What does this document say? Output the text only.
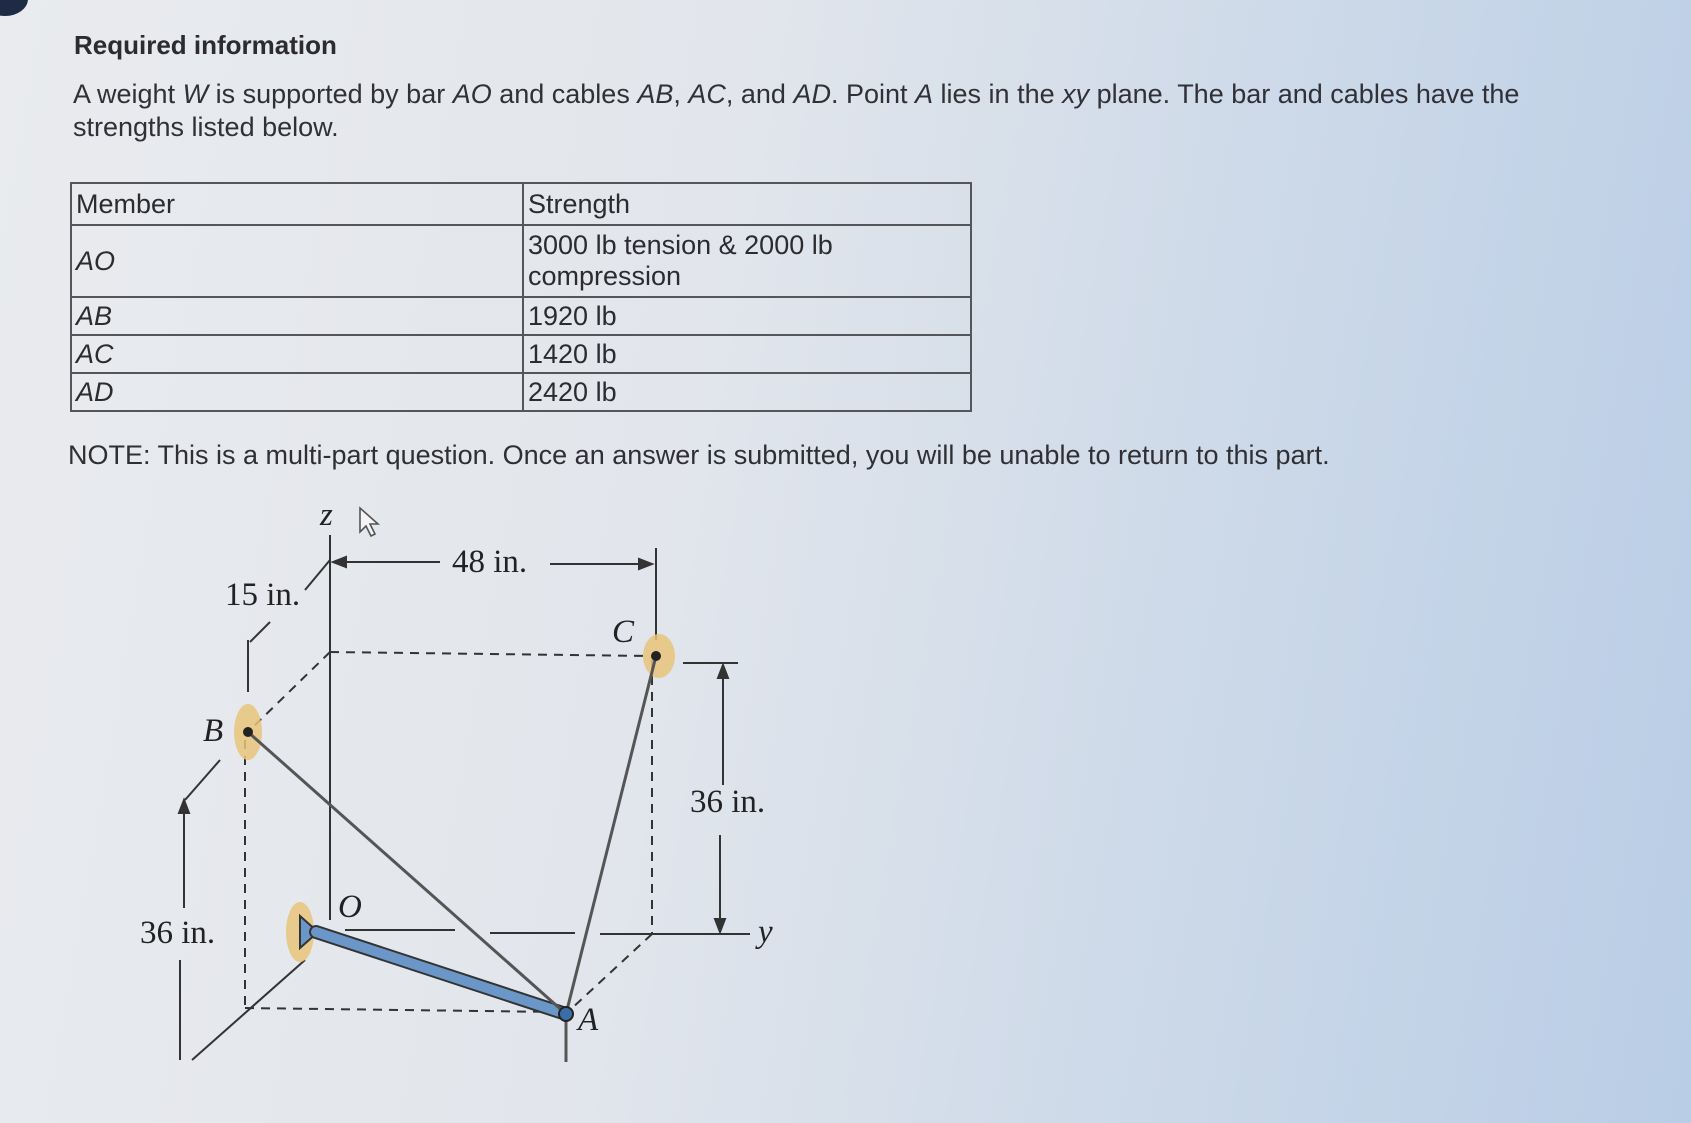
Required information
A weight W is supported by bar AO and cables AB, AC, and AD. Point A lies in the xy plane. The bar and cables have the strengths listed below.
Member	Strength
AO	3000 lb tension & 2000 lb compression
AB	1920 lb
AC	1420 lb
AD	2420 lb
NOTE: This is a multi-part question. Once an answer is submitted, you will be unable to return to this part.
z
y
48 in.
15 in.
36 in.
36 in.
B
C
O
A
